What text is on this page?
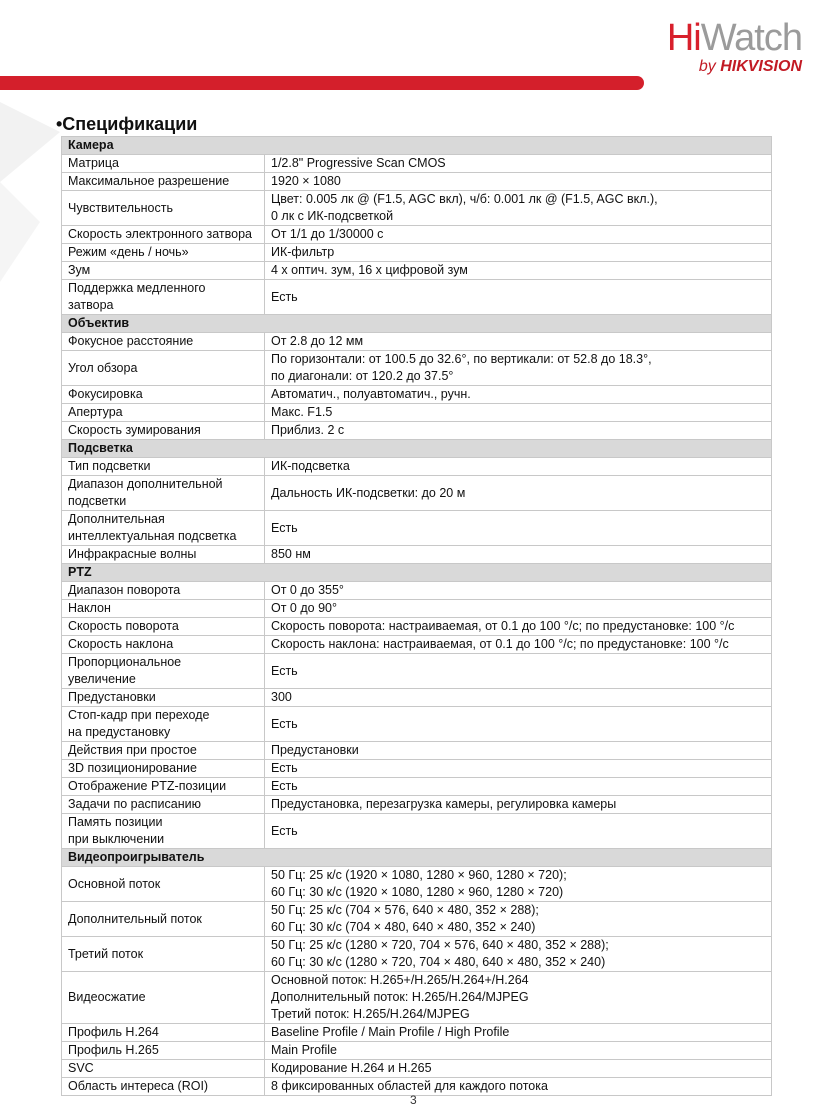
HiWatch
by HIKVISION
•Спецификации
Камера	
Матрица	1/2.8" Progressive Scan CMOS
Максимальное разрешение	1920 × 1080
Чувствительность	Цвет: 0.005 лк @ (F1.5, AGC вкл), ч/б: 0.001 лк @ (F1.5, AGC вкл.),
0 лк с ИК-подсветкой
Скорость электронного затвора	От 1/1 до 1/30000 с
Режим «день / ночь»	ИК-фильтр
Зум	4 х оптич. зум, 16 х цифровой зум
Поддержка медленного
затвора	Есть
Объектив	
Фокусное расстояние	От 2.8 до 12 мм
Угол обзора	По горизонтали: от 100.5 до 32.6°, по вертикали: от 52.8 до 18.3°,
по диагонали: от 120.2 до 37.5°
Фокусировка	Автоматич., полуавтоматич., ручн.
Апертура	Макс. F1.5
Скорость зумирования	Приблиз. 2 с
Подсветка	
Тип подсветки	ИК-подсветка
Диапазон дополнительной
подсветки	Дальность ИК-подсветки: до 20 м
Дополнительная
интеллектуальная подсветка	Есть
Инфракрасные волны	850 нм
PTZ	
Диапазон поворота	От 0 до 355°
Наклон	От 0 до 90°
Скорость поворота	Скорость поворота: настраиваемая, от 0.1 до 100 °/c; по предустановке: 100 °/c
Скорость наклона	Скорость наклона: настраиваемая, от 0.1 до 100 °/c; по предустановке: 100 °/c
Пропорциональное
увеличение	Есть
Предустановки	300
Стоп-кадр при переходе
на предустановку	Есть
Действия при простое	Предустановки
3D позиционирование	Есть
Отображение PTZ-позиции	Есть
Задачи по расписанию	Предустановка, перезагрузка камеры, регулировка камеры
Память позиции
при выключении	Есть
Видеопроигрыватель	
Основной поток	50 Гц: 25 к/с (1920 × 1080, 1280 × 960, 1280 × 720);
60 Гц: 30 к/с (1920 × 1080, 1280 × 960, 1280 × 720)
Дополнительный поток	50 Гц: 25 к/с (704 × 576, 640 × 480, 352 × 288);
60 Гц: 30 к/с (704 × 480, 640 × 480, 352 × 240)
Третий поток	50 Гц: 25 к/с (1280 × 720, 704 × 576, 640 × 480, 352 × 288);
60 Гц: 30 к/с (1280 × 720, 704 × 480, 640 × 480, 352 × 240)
Видеосжатие	Основной поток: H.265+/H.265/H.264+/H.264
Дополнительный поток: H.265/H.264/MJPEG
Третий поток: H.265/H.264/MJPEG
Профиль H.264	Baseline Profile / Main Profile / High Profile
Профиль H.265	Main Profile
SVC	Кодирование H.264 и H.265
Область интереса (ROI)	8 фиксированных областей для каждого потока
3
